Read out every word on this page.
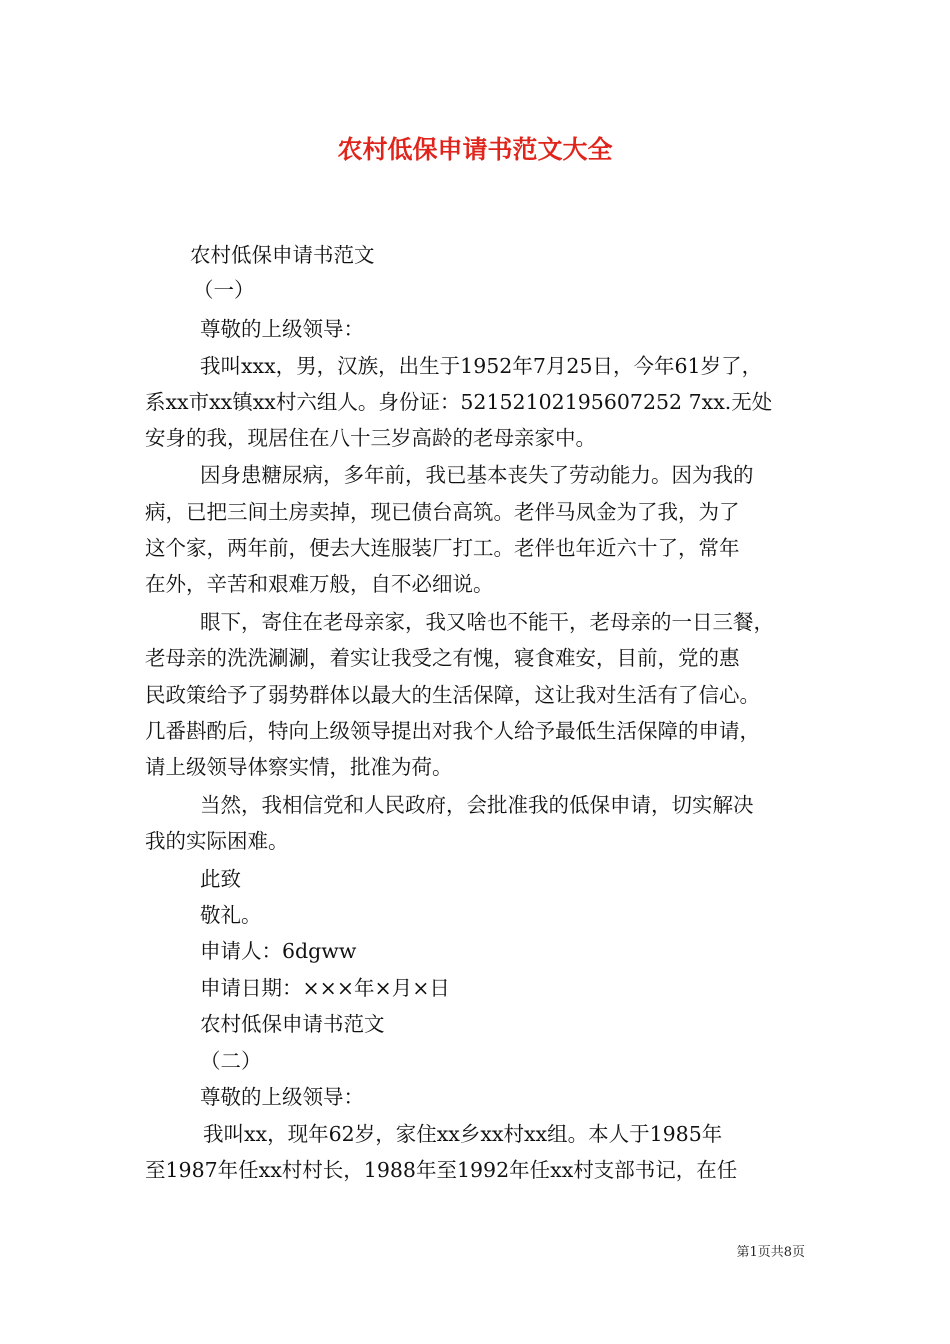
农村低保申请书范文大全
农村低保申请书范文
（一）
尊敬的上级领导：
我叫xxx，男，汉族，出生于1952年7月25日，今年61岁了，
系xx市xx镇xx村六组人。身份证：52152102195607252 7xx.无处
安身的我，现居住在八十三岁高龄的老母亲家中。
因身患糖尿病，多年前，我已基本丧失了劳动能力。因为我的
病，已把三间土房卖掉，现已债台高筑。老伴马凤金为了我，为了
这个家，两年前，便去大连服装厂打工。老伴也年近六十了，常年
在外，辛苦和艰难万般，自不必细说。
眼下，寄住在老母亲家，我又啥也不能干，老母亲的一日三餐，
老母亲的洗洗涮涮，着实让我受之有愧，寝食难安，目前，党的惠
民政策给予了弱势群体以最大的生活保障，这让我对生活有了信心。
几番斟酌后，特向上级领导提出对我个人给予最低生活保障的申请，
请上级领导体察实情，批准为荷。
当然，我相信党和人民政府，会批准我的低保申请，切实解决
我的实际困难。
此致
敬礼。
申请人：6dgww
申请日期：×××年×月×日
农村低保申请书范文
（二）
尊敬的上级领导：
我叫xx，现年62岁，家住xx乡xx村xx组。本人于1985年
至1987年任xx村村长，1988年至1992年任xx村支部书记，在任
第1页共8页
